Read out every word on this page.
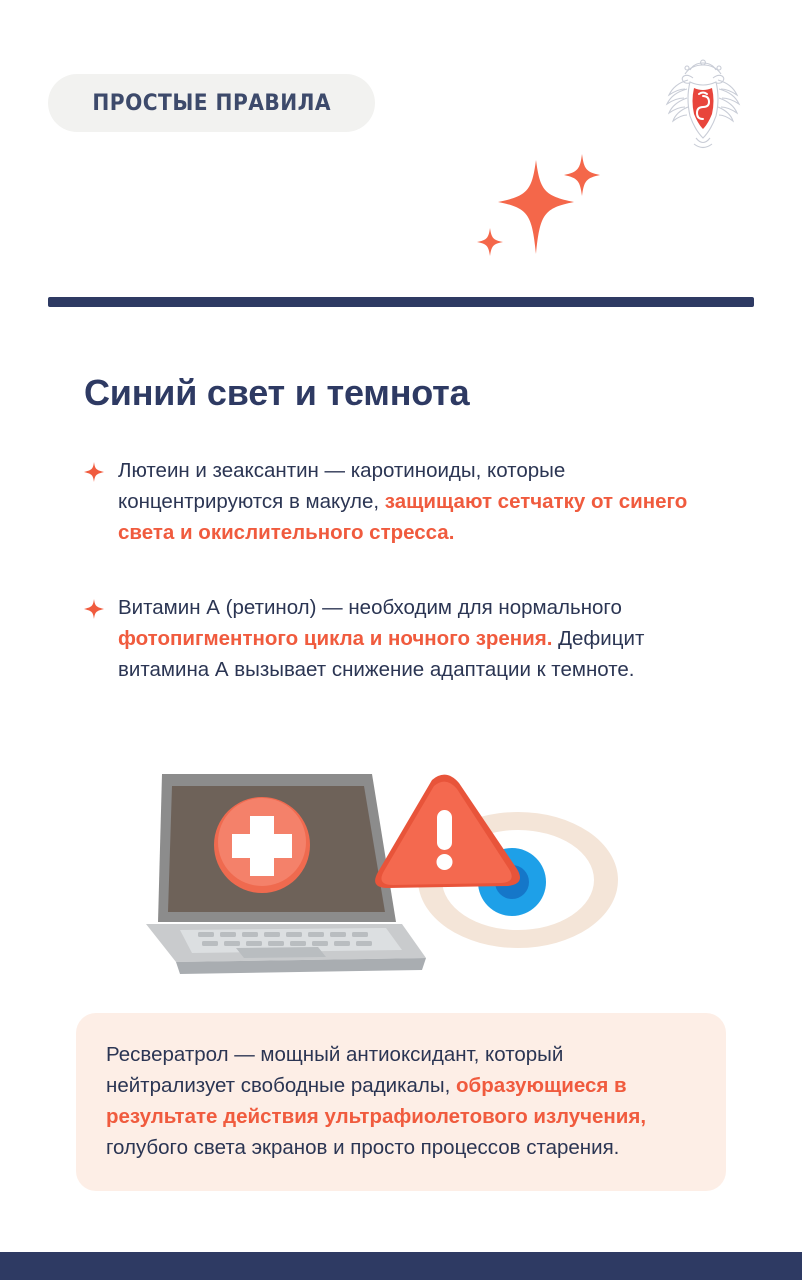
ПРОСТЫЕ ПРАВИЛА
Синий свет и темнота
Лютеин и зеаксантин — каротиноиды, которые концентрируются в макуле, защищают сетчатку от синего света и окислительного стресса.
Витамин А (ретинол) — необходим для нормального фотопигментного цикла и ночного зрения. Дефицит витамина А вызывает снижение адаптации к темноте.
Ресвератрол — мощный антиоксидант, который нейтрализует свободные радикалы, образующиеся в результате действия ультрафиолетового излучения, голубого света экранов и просто процессов старения.
